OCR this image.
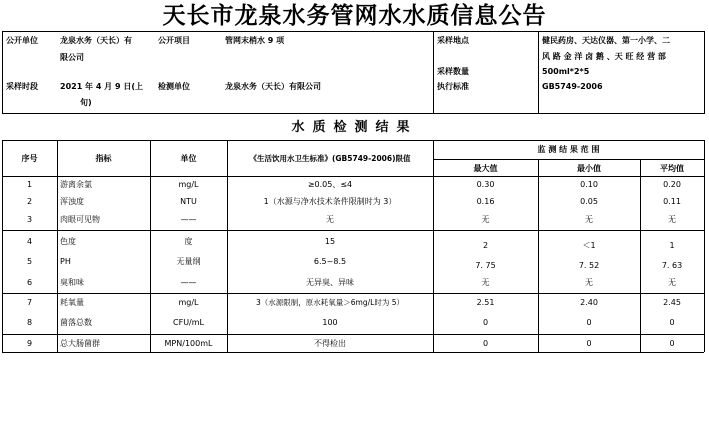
天长市龙泉水务管网水水质信息公告
公开单位	龙泉水务（天长）有
限公司
公开项目	管网末梢水 9 项	采样地点	健民药房、天达仪器、第一小学、二
风 路 金 洋 卤 鹅 、天 旺 经 营 部
采样时段	2021 年 4 月 9 日(上
旬)
检测单位	龙泉水务（天长）有限公司
采样数量	500ml*2*5
执行标准	GB5749-2006
水质检测结果
序号	指标	单位	《生活饮用水卫生标准》(GB5749-2006)限值
监 测 结 果 范 围
最大值	最小值	平均值
1	游离余氯	mg/L	≥0.05、≤4	0.30	0.10	0.20
2	浑浊度	NTU	1（水源与净水技术条件限制时为 3）	0.16	0.05	0.11
3	肉眼可见物	——	无	无	无	无
4	色度	度	15	2	＜1	1
5	PH	无量纲	6.5~8.5	7. 75	7. 52	7. 63
6	臭和味	——	无异臭、异味	无	无	无
7	耗氧量	mg/L	3（水源限制，原水耗氧量＞6mg/L时为 5）	2.51	2.40	2.45
8	菌落总数	CFU/mL	100	0	0	0
9	总大肠菌群	MPN/100mL	不得检出	0	0	0
